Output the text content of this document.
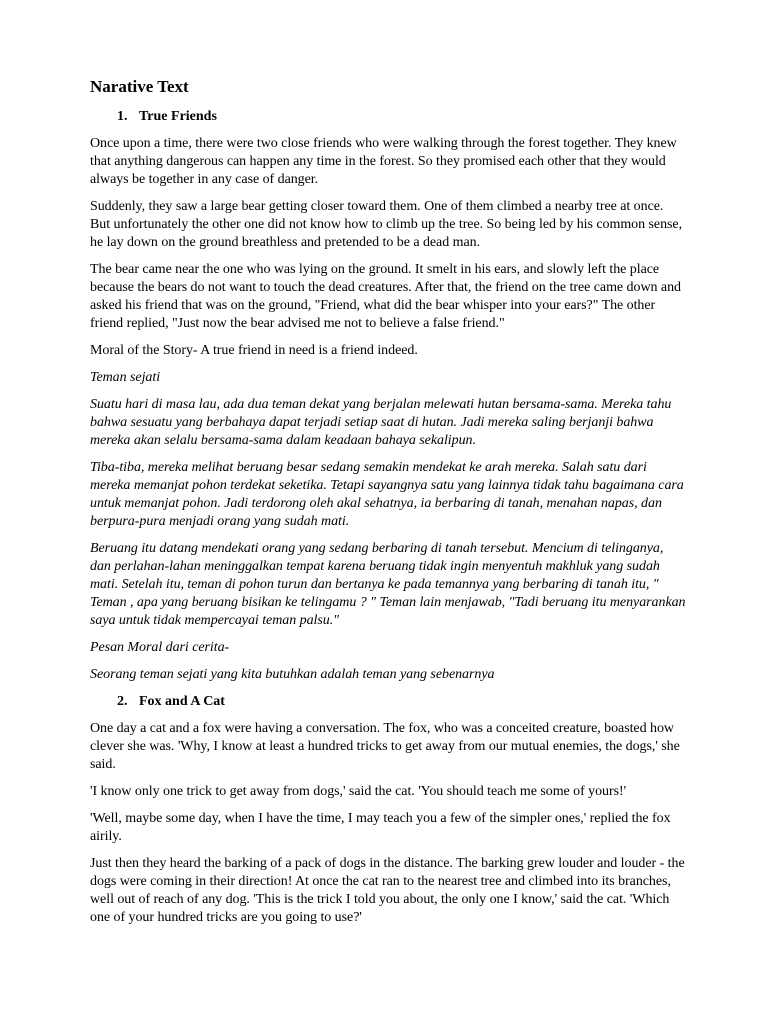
Narative Text
1. True Friends
Once upon a time, there were two close friends who were walking through the forest together. They knew that anything dangerous can happen any time in the forest. So they promised each other that they would always be together in any case of danger.
Suddenly, they saw a large bear getting closer toward them. One of them climbed a nearby tree at once. But unfortunately the other one did not know how to climb up the tree. So being led by his common sense, he lay down on the ground breathless and pretended to be a dead man.
The bear came near the one who was lying on the ground. It smelt in his ears, and slowly left the place because the bears do not want to touch the dead creatures. After that, the friend on the tree came down and asked his friend that was on the ground, "Friend, what did the bear whisper into your ears?" The other friend replied, "Just now the bear advised me not to believe a false friend."
Moral of the Story- A true friend in need is a friend indeed.
Teman sejati
Suatu hari di masa lau, ada dua teman dekat yang berjalan melewati hutan bersama-sama. Mereka tahu bahwa sesuatu yang berbahaya dapat terjadi setiap saat di hutan. Jadi mereka saling berjanji bahwa mereka akan selalu bersama-sama dalam keadaan bahaya sekalipun.
Tiba-tiba, mereka melihat beruang besar sedang semakin mendekat ke arah mereka. Salah satu dari mereka memanjat pohon terdekat seketika. Tetapi sayangnya satu yang lainnya tidak tahu bagaimana cara untuk memanjat pohon. Jadi terdorong oleh akal sehatnya, ia berbaring di tanah, menahan napas, dan berpura-pura menjadi orang yang sudah mati.
Beruang itu datang mendekati orang yang sedang berbaring di tanah tersebut. Mencium di telinganya, dan perlahan-lahan meninggalkan tempat karena beruang tidak ingin menyentuh makhluk yang sudah mati. Setelah itu, teman di pohon turun dan bertanya ke pada temannya yang berbaring di tanah itu, " Teman , apa yang beruang bisikan ke telingamu ? " Teman lain menjawab, "Tadi beruang itu menyarankan saya untuk tidak mempercayai teman palsu."
Pesan Moral dari cerita-
Seorang teman sejati yang kita butuhkan adalah teman yang sebenarnya
2. Fox and A Cat
One day a cat and a fox were having a conversation. The fox, who was a conceited creature, boasted how clever she was. 'Why, I know at least a hundred tricks to get away from our mutual enemies, the dogs,' she said.
'I know only one trick to get away from dogs,' said the cat. 'You should teach me some of yours!'
'Well, maybe some day, when I have the time, I may teach you a few of the simpler ones,' replied the fox airily.
Just then they heard the barking of a pack of dogs in the distance. The barking grew louder and louder - the dogs were coming in their direction! At once the cat ran to the nearest tree and climbed into its branches, well out of reach of any dog. 'This is the trick I told you about, the only one I know,' said the cat. 'Which one of your hundred tricks are you going to use?'
